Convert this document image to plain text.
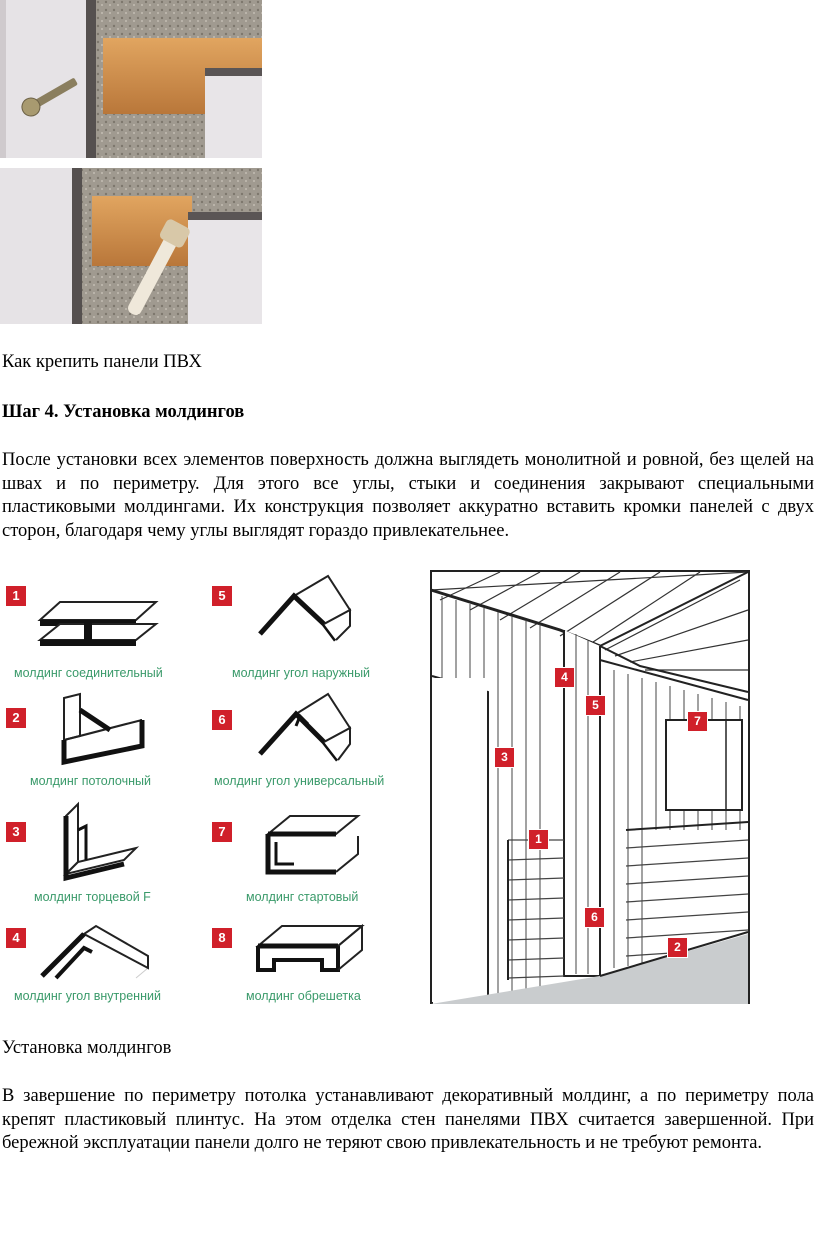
Как крепить панели ПВХ
Шаг 4. Установка молдингов

После установки всех элементов поверхность должна выглядеть монолитной и ровной, без щелей на швах и по периметру. Для этого все углы, стыки и соединения закрывают специальными пластиковыми молдингами. Их конструкция позволяет аккуратно вставить кромки панелей с двух сторон, благодаря чему углы выглядят гораздо привлекательнее.

1
молдинг соединительный
2
молдинг потолочный
3
молдинг торцевой F
4
молдинг угол внутренний
5
молдинг угол наружный
6
молдинг угол универсальный
7
молдинг стартовый
8
молдинг обрешетка
1
2
3
4
5
6
7
Установка молдингов

В завершение по периметру потолка устанавливают декоративный молдинг, а по периметру пола крепят пластиковый плинтус. На этом отделка стен панелями ПВХ считается завершенной. При бережной эксплуатации панели долго не теряют свою привлекательность и не требуют ремонта.
